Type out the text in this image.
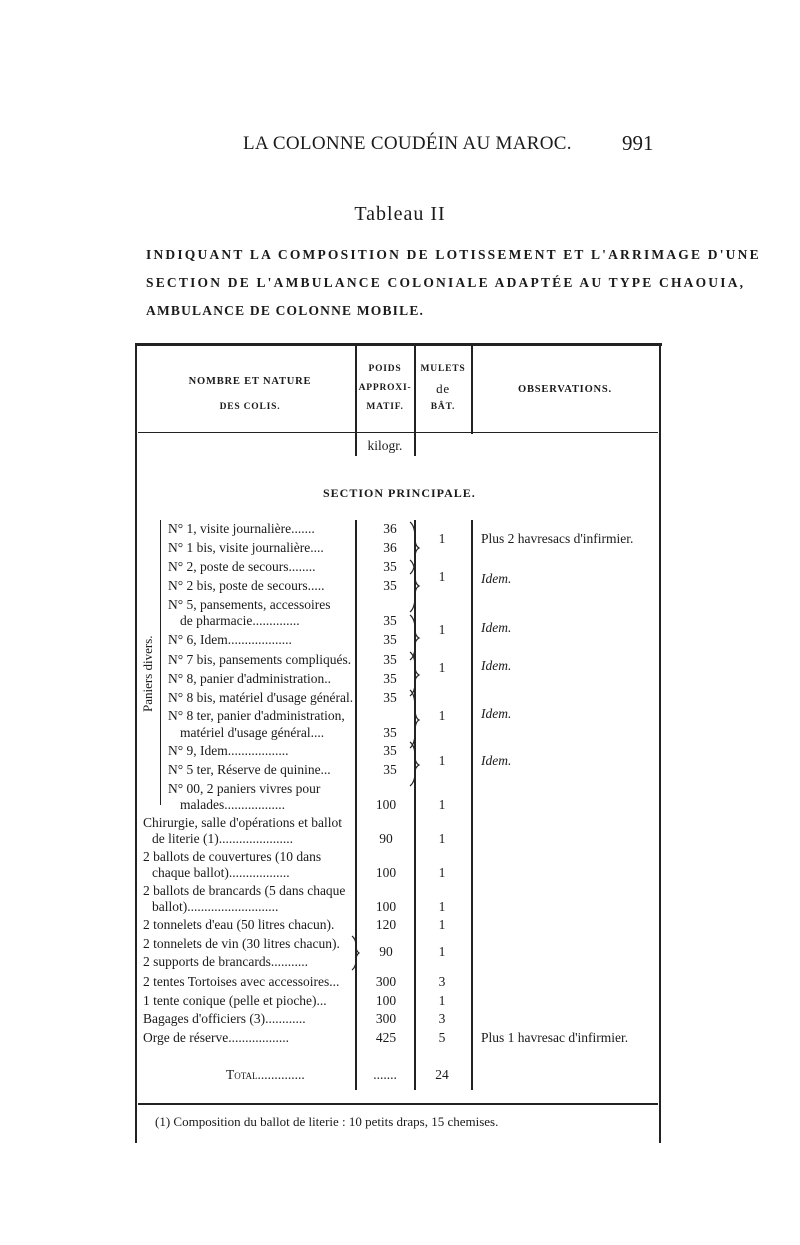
LA COLONNE COUDÉIN AU MAROC. 991
Tableau II
INDIQUANT LA COMPOSITION DE LOTISSEMENT ET L'ARRIMAGE D'UNE
SECTION DE L'AMBULANCE COLONIALE ADAPTÉE AU TYPE CHAOUIA,
AMBULANCE DE COLONNE MOBILE.
NOMBRE ET NATURE
DES COLIS.
POIDS
APPROXI-
MATIF.
MULETS
de
BÂT.
OBSERVATIONS.
kilogr.
SECTION PRINCIPALE.
Paniers divers.
N° 1, visite journalière.......
N° 1 bis, visite journalière....
N° 2, poste de secours........
N° 2 bis, poste de secours.....
N° 5, pansements, accessoires
de pharmacie..............
N° 6, Idem...................
N° 7 bis, pansements compliqués.
N° 8, panier d'administration..
N° 8 bis, matériel d'usage général.
N° 8 ter, panier d'administration,
matériel d'usage général....
N° 9, Idem..................
N° 5 ter, Réserve de quinine...
N° 00, 2 paniers vivres pour
malades..................
Chirurgie, salle d'opérations et ballot
de literie (1)......................
2 ballots de couvertures (10 dans
chaque ballot)..................
2 ballots de brancards (5 dans chaque
ballot)...........................
2 tonnelets d'eau (50 litres chacun).
2 tonnelets de vin (30 litres chacun).
2 supports de brancards...........
2 tentes Tortoises avec accessoires...
1 tente conique (pelle et pioche)...
Bagages d'officiers (3)............
Orge de réserve..................
36
36
35
35
35
35
35
35
35
35
35
35
100
90
100
100
120
90
300
100
300
425
1
1
1
1
1
1
1
1
1
1
1
1
3
1
3
5
Plus 2 havresacs d'infirmier.
Idem.
Idem.
Idem.
Idem.
Idem.
Plus 1 havresac d'infirmier.
Total..............	.......	24
(1) Composition du ballot de literie : 10 petits draps, 15 chemises.
